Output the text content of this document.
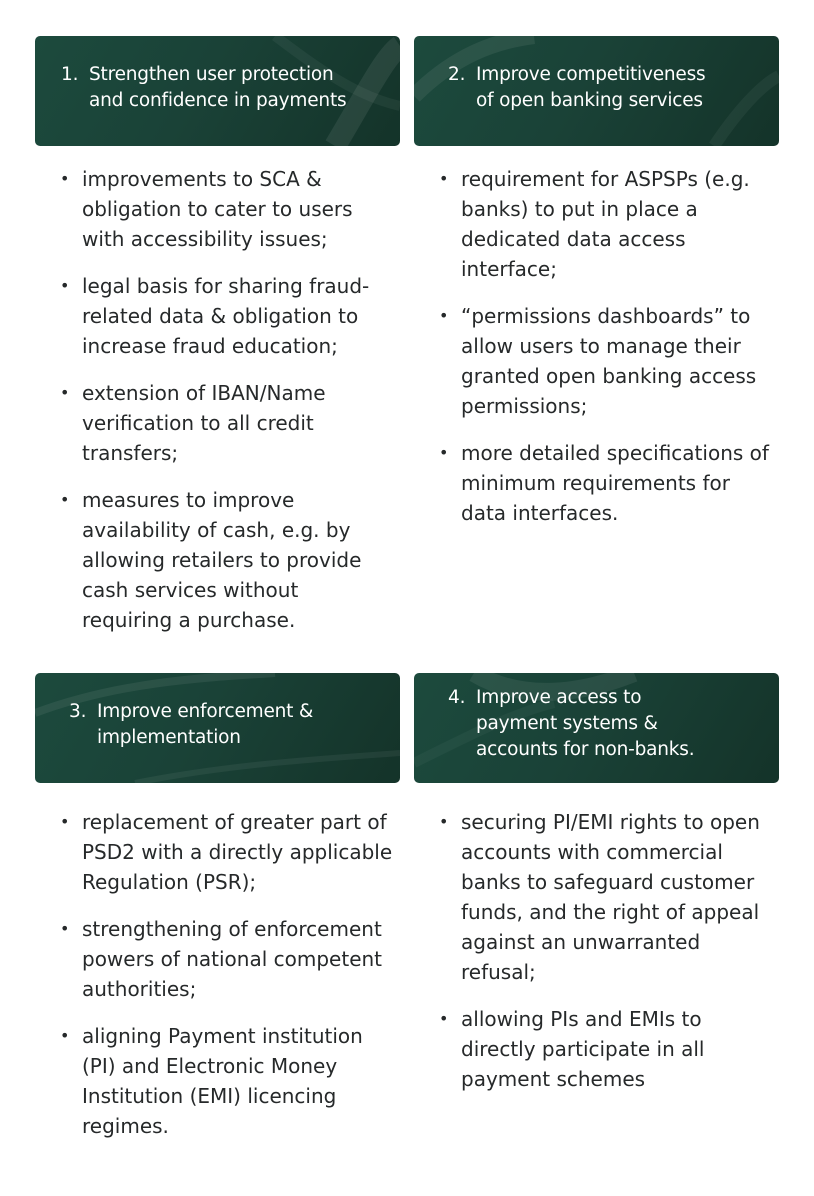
1. Strengthen user protection
and confidence in payments
• improvements to SCA & obligation to cater to users with accessibility issues;
• legal basis for sharing fraud-related data & obligation to increase fraud education;
• extension of IBAN/Name verification to all credit transfers;
• measures to improve availability of cash, e.g. by allowing retailers to provide cash services without requiring a purchase.
2. Improve competitiveness
of open banking services
• requirement for ASPSPs (e.g. banks) to put in place a dedicated data access interface;
• “permissions dashboards” to allow users to manage their granted open banking access permissions;
• more detailed specifications of minimum requirements for data interfaces.
3. Improve enforcement &
implementation
• replacement of greater part of PSD2 with a directly applicable Regulation (PSR);
• strengthening of enforcement powers of national competent authorities;
• aligning Payment institution (PI) and Electronic Money Institution (EMI) licencing regimes.
4. Improve access to
payment systems &
accounts for non-banks.
• securing PI/EMI rights to open accounts with commercial banks to safeguard customer funds, and the right of appeal against an unwarranted refusal;
• allowing PIs and EMIs to directly participate in all payment schemes
